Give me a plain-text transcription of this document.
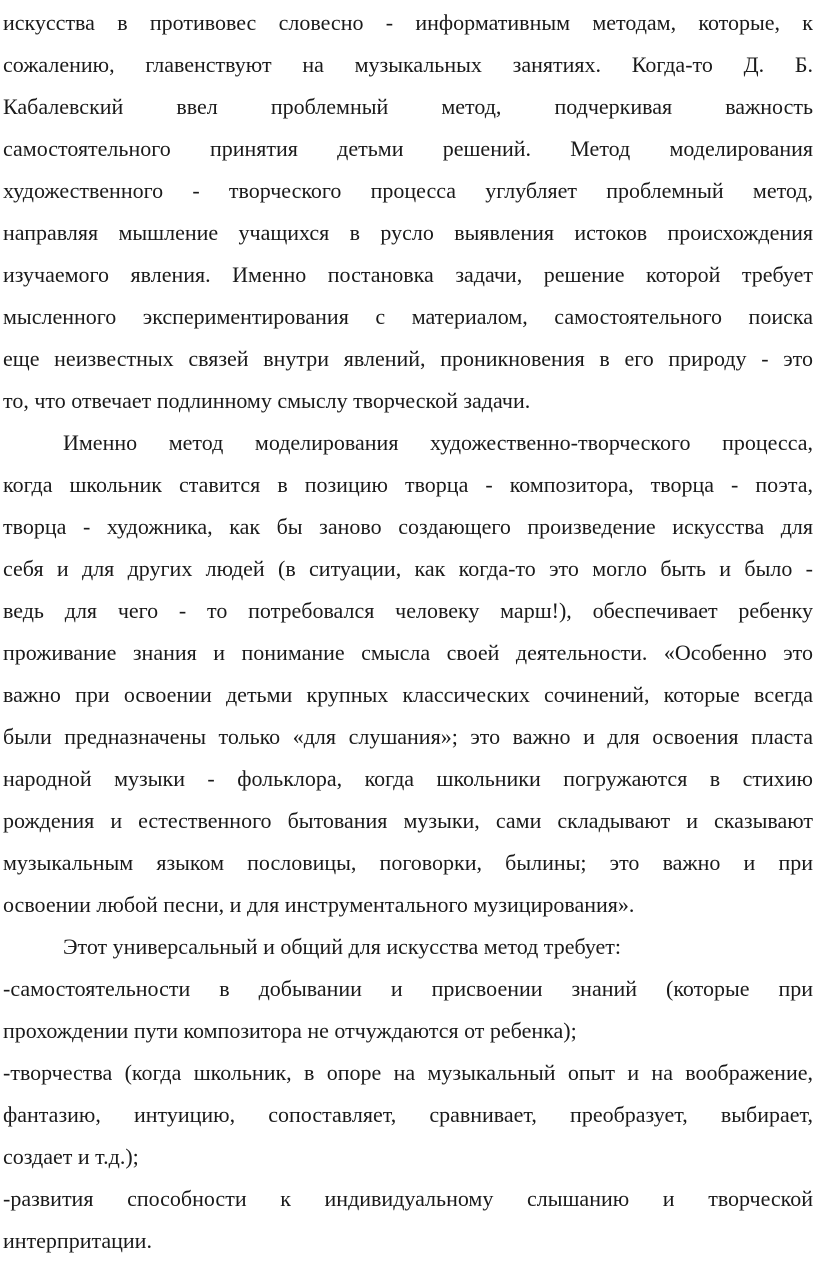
искусства в противовес словесно - информативным методам, которые, к
сожалению, главенствуют на музыкальных занятиях. Когда-то Д. Б.
Кабалевский ввел проблемный метод, подчеркивая важность
самостоятельного принятия детьми решений. Метод моделирования
художественного - творческого процесса углубляет проблемный метод,
направляя мышление учащихся в русло выявления истоков происхождения
изучаемого явления. Именно постановка задачи, решение которой требует
мысленного экспериментирования с материалом, самостоятельного поиска
еще неизвестных связей внутри явлений, проникновения в его природу - это
то, что отвечает подлинному смыслу творческой задачи.
Именно метод моделирования художественно-творческого процесса,
когда школьник ставится в позицию творца - композитора, творца - поэта,
творца - художника, как бы заново создающего произведение искусства для
себя и для других людей (в ситуации, как когда-то это могло быть и было -
ведь для чего - то потребовался человеку марш!), обеспечивает ребенку
проживание знания и понимание смысла своей деятельности. «Особенно это
важно при освоении детьми крупных классических сочинений, которые всегда
были предназначены только «для слушания»; это важно и для освоения пласта
народной музыки - фольклора, когда школьники погружаются в стихию
рождения и естественного бытования музыки, сами складывают и сказывают
музыкальным языком пословицы, поговорки, былины; это важно и при
освоении любой песни, и для инструментального музицирования».
Этот универсальный и общий для искусства метод требует:
-самостоятельности в добывании и присвоении знаний (которые при
прохождении пути композитора не отчуждаются от ребенка);
-творчества (когда школьник, в опоре на музыкальный опыт и на воображение,
фантазию, интуицию, сопоставляет, сравнивает, преобразует, выбирает,
создает и т.д.);
-развития способности к индивидуальному слышанию и творческой
интерпритации.
